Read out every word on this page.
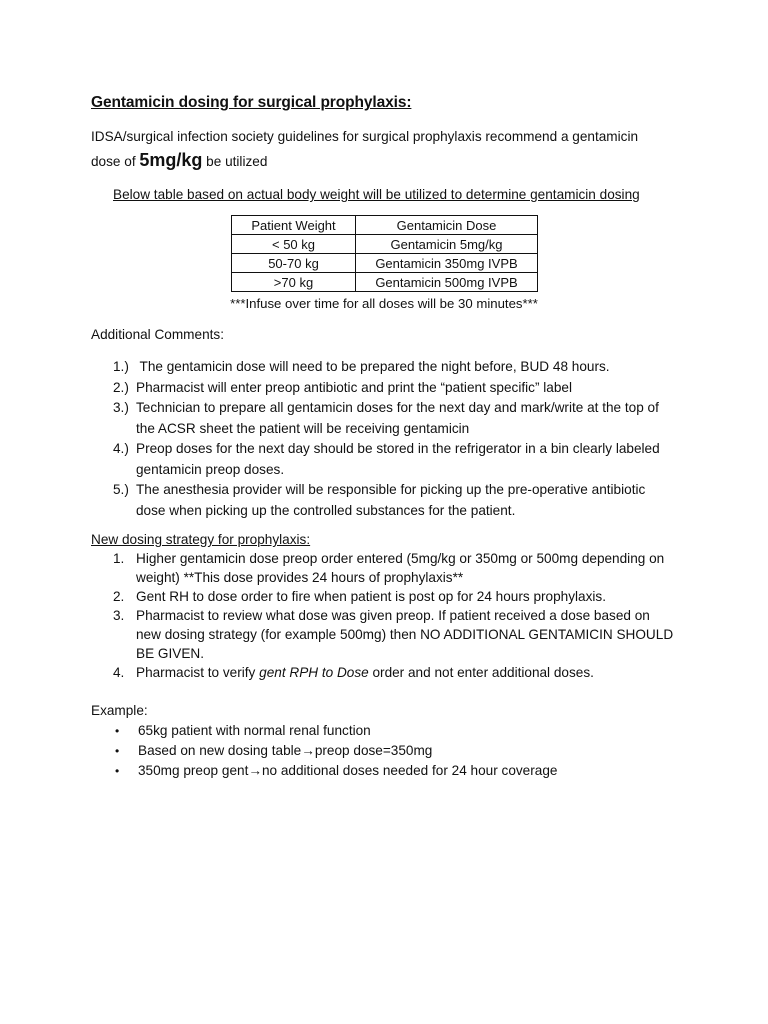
Gentamicin dosing for surgical prophylaxis:
IDSA/surgical infection society guidelines for surgical prophylaxis recommend a gentamicin
dose of 5mg/kg be utilized
Below table based on actual body weight will be utilized to determine gentamicin dosing
Patient Weight	Gentamicin Dose
< 50 kg	Gentamicin 5mg/kg
50-70 kg	Gentamicin 350mg IVPB
>70 kg	Gentamicin 500mg IVPB
***Infuse over time for all doses will be 30 minutes***
Additional Comments:
1.) The gentamicin dose will need to be prepared the night before, BUD 48 hours.
2.) Pharmacist will enter preop antibiotic and print the “patient specific” label
3.) Technician to prepare all gentamicin doses for the next day and mark/write at the top of
the ACSR sheet the patient will be receiving gentamicin
4.) Preop doses for the next day should be stored in the refrigerator in a bin clearly labeled
gentamicin preop doses.
5.) The anesthesia provider will be responsible for picking up the pre-operative antibiotic
dose when picking up the controlled substances for the patient.
New dosing strategy for prophylaxis:
1. Higher gentamicin dose preop order entered (5mg/kg or 350mg or 500mg depending on
weight) **This dose provides 24 hours of prophylaxis**
2. Gent RH to dose order to fire when patient is post op for 24 hours prophylaxis.
3. Pharmacist to review what dose was given preop. If patient received a dose based on
new dosing strategy (for example 500mg) then NO ADDITIONAL GENTAMICIN SHOULD
BE GIVEN.
4. Pharmacist to verify gent RPH to Dose order and not enter additional doses.
Example:
•	65kg patient with normal renal function
•	Based on new dosing table→preop dose=350mg
•	350mg preop gent→no additional doses needed for 24 hour coverage
